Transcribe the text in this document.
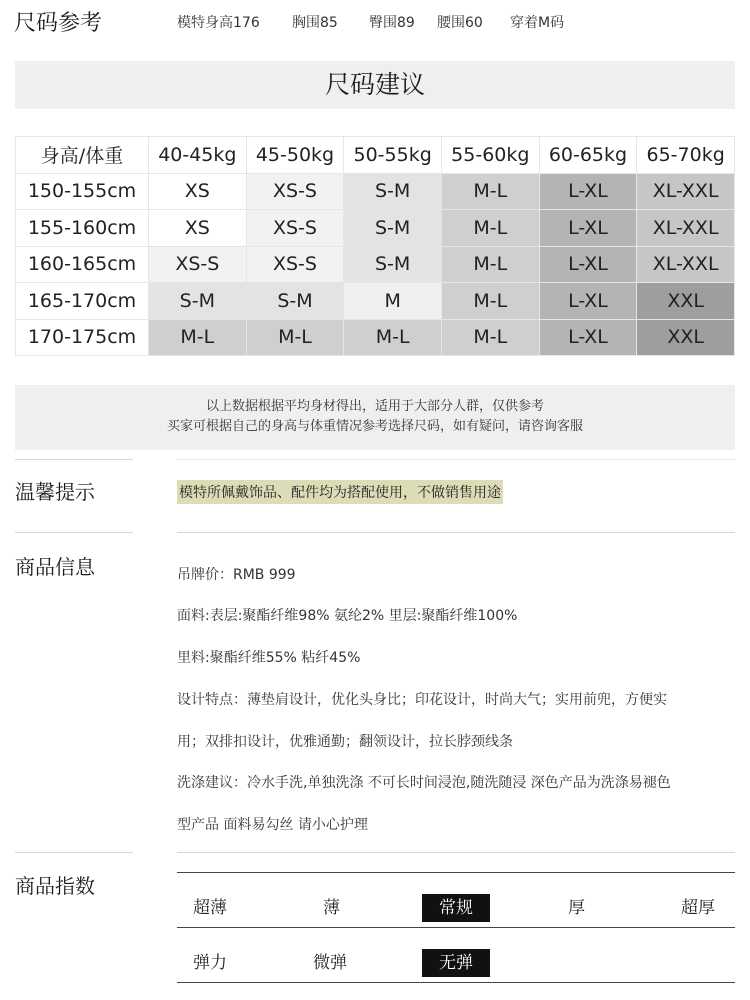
尺码参考	模特身高176 胸围85 臀围89 腰围60 穿着M码
尺码建议
身高/体重	40-45kg	45-50kg	50-55kg	55-60kg	60-65kg	65-70kg
150-155cm	XS	XS-S	S-M	M-L	L-XL	XL-XXL
155-160cm	XS	XS-S	S-M	M-L	L-XL	XL-XXL
160-165cm	XS-S	XS-S	S-M	M-L	L-XL	XL-XXL
165-170cm	S-M	S-M	M	M-L	L-XL	XXL
170-175cm	M-L	M-L	M-L	M-L	L-XL	XXL
以上数据根据平均身材得出，适用于大部分人群，仅供参考
买家可根据自己的身高与体重情况参考选择尺码，如有疑问，请咨询客服
温馨提示	模特所佩戴饰品、配件均为搭配使用，不做销售用途
商品信息	吊牌价：RMB 999
面料:表层:聚酯纤维98% 氨纶2% 里层:聚酯纤维100%
里料:聚酯纤维55% 粘纤45%
设计特点：薄垫肩设计，优化头身比；印花设计，时尚大气；实用前兜，方便实
用；双排扣设计，优雅通勤；翻领设计，拉长脖颈线条
洗涤建议：冷水手洗,单独洗涤 不可长时间浸泡,随洗随浸 深色产品为洗涤易褪色
型产品 面料易勾丝 请小心护理
商品指数
超薄	薄	常规	厚	超厚
弹力	微弹	无弹
